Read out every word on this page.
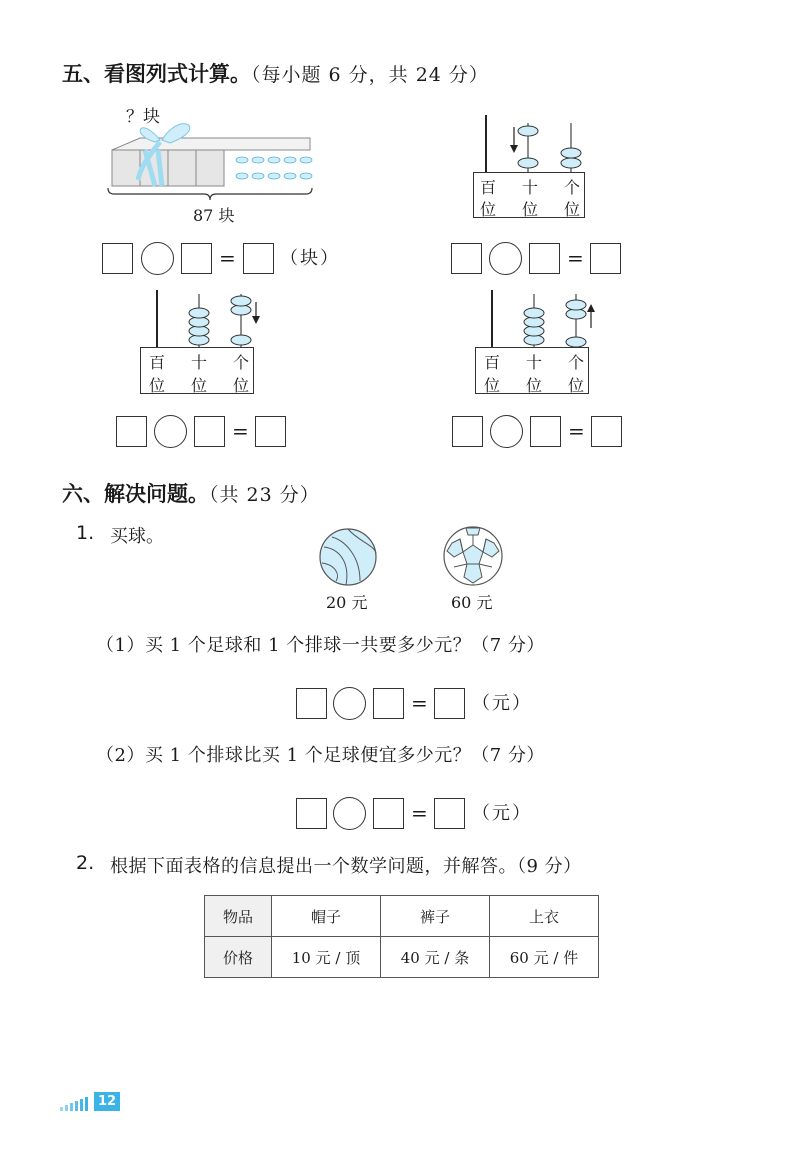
五、看图列式计算。（每小题 6 分，共 24 分）
？块
87 块
= （块）
百 十 个
位 位 位
=
百 十 个
位 位 位
=
百 十 个
位 位 位
=
六、解决问题。（共 23 分）
1. 买球。
20 元	60 元
（1）买 1 个足球和 1 个排球一共要多少元？（7 分）
= （元）
（2）买 1 个排球比买 1 个足球便宜多少元？（7 分）
= （元）
2. 根据下面表格的信息提出一个数学问题，并解答。（9 分）
物品	帽子	裤子	上衣
价格	10 元 / 顶	40 元 / 条	60 元 / 件
12
